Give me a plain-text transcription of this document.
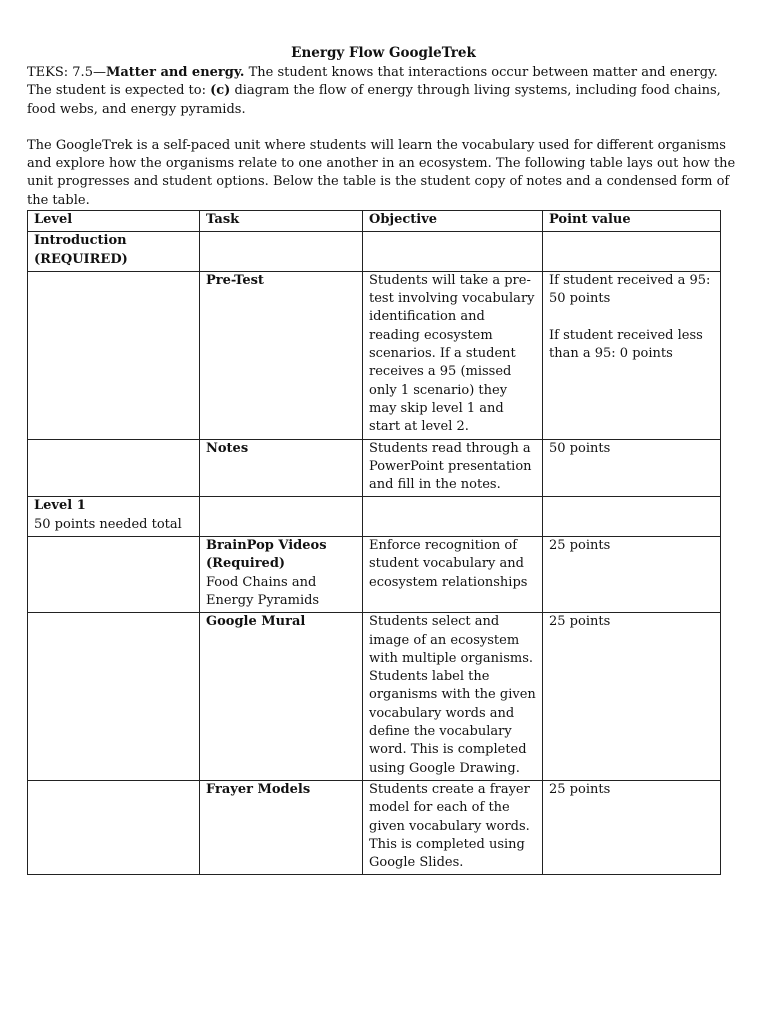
Energy Flow GoogleTrek

TEKS: 7.5—Matter and energy. The student knows that interactions occur between matter and energy. The student is expected to: (c) diagram the flow of energy through living systems, including food chains, food webs, and energy pyramids.

The GoogleTrek is a self-paced unit where students will learn the vocabulary used for different organisms and explore how the organisms relate to one another in an ecosystem. The following table lays out how the unit progresses and student options. Below the table is the student copy of notes and a condensed form of the table.

Level	Task	Objective	Point value
Introduction (REQUIRED)			
	Pre-Test	Students will take a pre-test involving vocabulary identification and reading ecosystem scenarios. If a student receives a 95 (missed only 1 scenario) they may skip level 1 and start at level 2.	If student received a 95: 50 points
If student received less than a 95: 0 points

	Notes	Students read through a PowerPoint presentation and fill in the notes.	50 points

Level 1
50 points needed total			

	BrainPop Videos (Required)
Food Chains and Energy Pyramids	Enforce recognition of student vocabulary and ecosystem relationships	25 points
	Google Mural	Students select and image of an ecosystem with multiple organisms. Students label the organisms with the given vocabulary words and define the vocabulary word. This is completed using Google Drawing.	25 points
	Frayer Models	Students create a frayer model for each of the given vocabulary words. This is completed using Google Slides.	25 points
